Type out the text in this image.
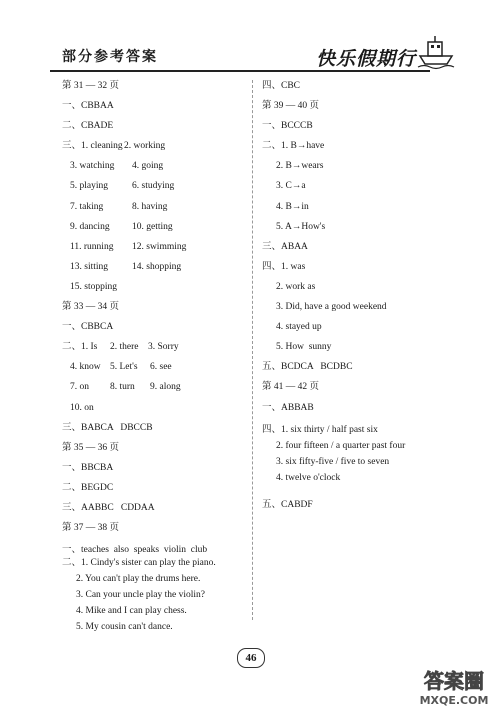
部分参考答案	快乐假期行
第 31 — 32 页
一、CBBAA
二、CBADE
三、1. cleaning2. working
3. watching 4. going
5. playing	6. studying
7. taking	8. having
9. dancing 10. getting
11. running 12. swimming
13. sitting	14. shopping
15. stopping
第 33 — 34 页
一、CBBCA
二、1. Is 2. there 3. Sorry
4. know 5. Let's 6. see
7. on 8. turn 9. along
10. on
三、BABCA   DBCCB
第 35 — 36 页
一、BBCBA
二、BEGDC
三、AABBC   CDDAA
第 37 — 38 页
一、teaches  also  speaks  violin  club
二、1. Cindy's sister can play the piano.
2. You can't play the drums here.
3. Can your uncle play the violin?
4. Mike and I can play chess.
5. My cousin can't dance.
四、CBC
第 39 — 40 页
一、BCCCB
二、1. B→have
2. B→wears
3. C→a
4. B→in
5. A→How's
三、ABAA
四、1. was
2. work as
3. Did, have a good weekend
4. stayed up
5. How  sunny
五、BCDCA   BCDBC
第 41 — 42 页
一、ABBAB
四、1. six thirty / half past six
2. four fifteen / a quarter past four
3. six fifty-five / five to seven
4. twelve o'clock
五、CABDF
46
答案圈
MXQE.COM
